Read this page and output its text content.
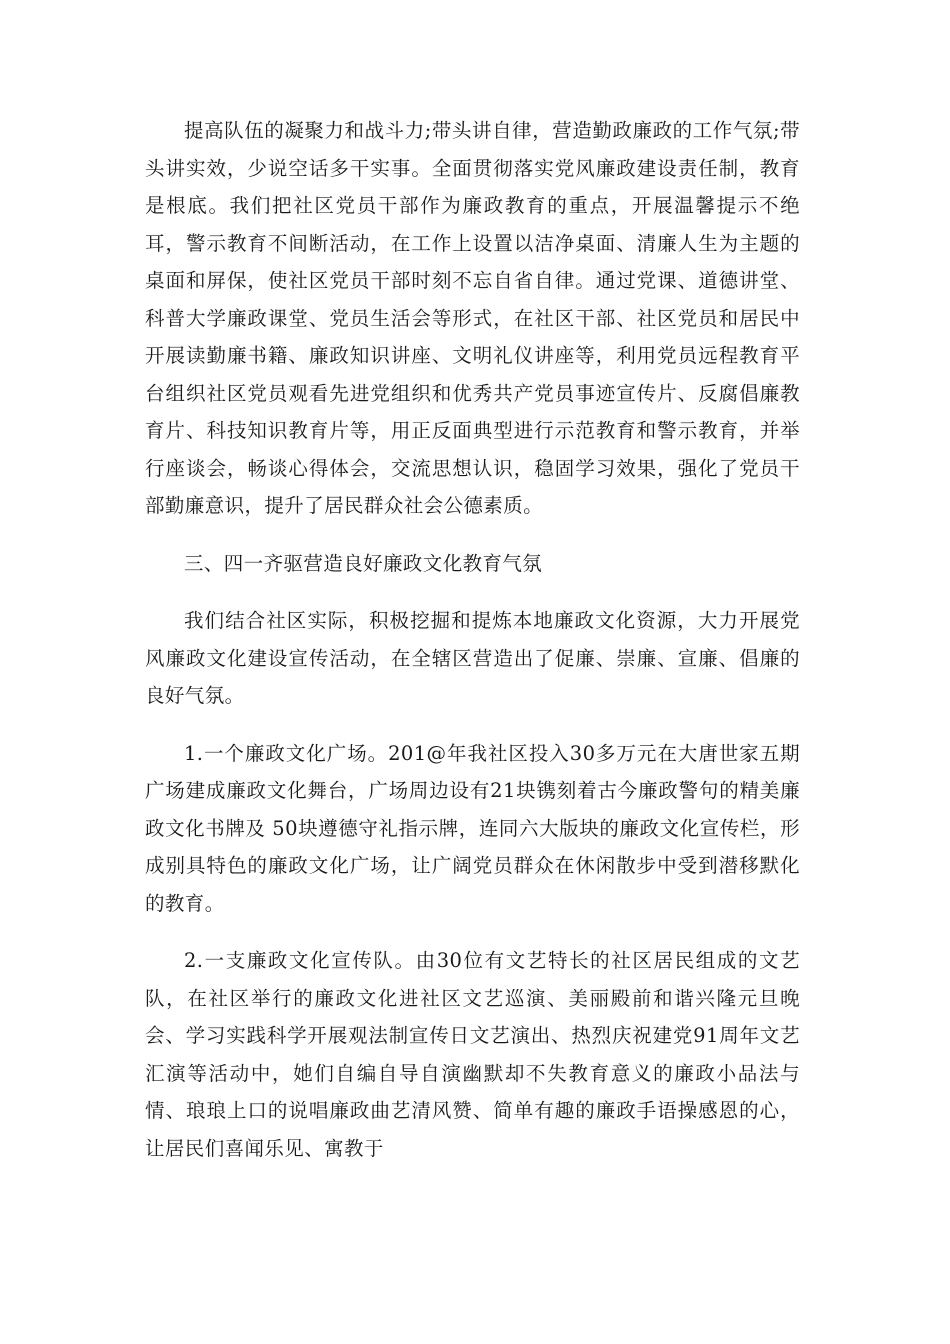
提高队伍的凝聚力和战斗力;带头讲自律，营造勤政廉政的工作气氛;带头讲实效，少说空话多干实事。全面贯彻落实党风廉政建设责任制，教育是根底。我们把社区党员干部作为廉政教育的重点，开展温馨提示不绝耳，警示教育不间断活动，在工作上设置以洁净桌面、清廉人生为主题的桌面和屏保，使社区党员干部时刻不忘自省自律。通过党课、道德讲堂、科普大学廉政课堂、党员生活会等形式，在社区干部、社区党员和居民中开展读勤廉书籍、廉政知识讲座、文明礼仪讲座等，利用党员远程教育平台组织社区党员观看先进党组织和优秀共产党员事迹宣传片、反腐倡廉教育片、科技知识教育片等，用正反面典型进行示范教育和警示教育，并举行座谈会，畅谈心得体会，交流思想认识，稳固学习效果，强化了党员干部勤廉意识，提升了居民群众社会公德素质。

三、四一齐驱营造良好廉政文化教育气氛

我们结合社区实际，积极挖掘和提炼本地廉政文化资源，大力开展党风廉政文化建设宣传活动，在全辖区营造出了促廉、崇廉、宣廉、倡廉的良好气氛。

1.一个廉政文化广场。201@年我社区投入30多万元在大唐世家五期广场建成廉政文化舞台，广场周边设有21块镌刻着古今廉政警句的精美廉政文化书牌及 50块遵德守礼指示牌，连同六大版块的廉政文化宣传栏，形成别具特色的廉政文化广场，让广阔党员群众在休闲散步中受到潜移默化的教育。

2.一支廉政文化宣传队。由30位有文艺特长的社区居民组成的文艺队，在社区举行的廉政文化进社区文艺巡演、美丽殿前和谐兴隆元旦晚会、学习实践科学开展观法制宣传日文艺演出、热烈庆祝建党91周年文艺汇演等活动中，她们自编自导自演幽默却不失教育意义的廉政小品法与情、琅琅上口的说唱廉政曲艺清风赞、简单有趣的廉政手语操感恩的心，让居民们喜闻乐见、寓教于
